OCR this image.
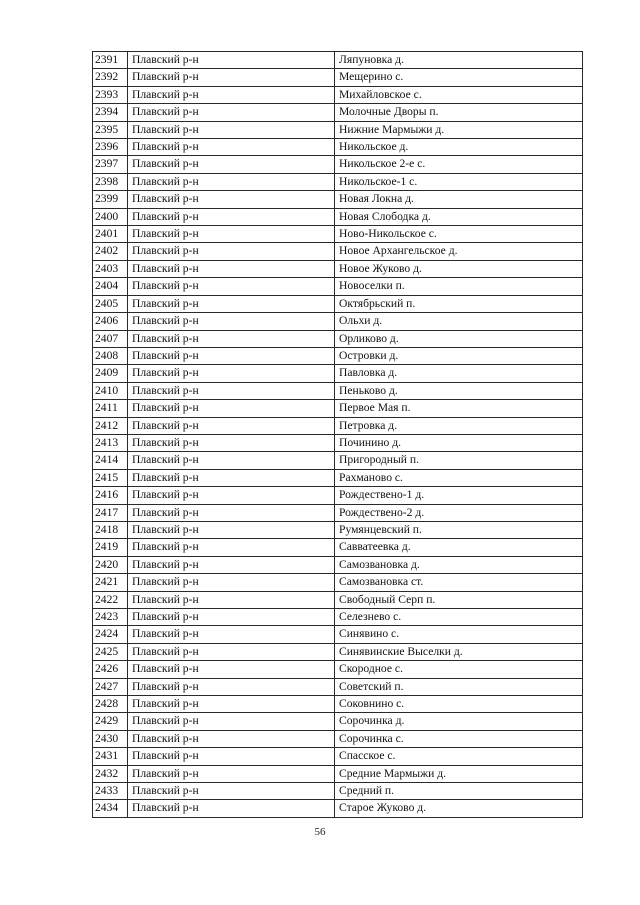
2391	Плавский р-н	Ляпуновка д.
2392	Плавский р-н	Мещерино с.
2393	Плавский р-н	Михайловское с.
2394	Плавский р-н	Молочные Дворы п.
2395	Плавский р-н	Нижние Мармыжи д.
2396	Плавский р-н	Никольское д.
2397	Плавский р-н	Никольское 2-е с.
2398	Плавский р-н	Никольское-1 с.
2399	Плавский р-н	Новая Локна д.
2400	Плавский р-н	Новая Слободка д.
2401	Плавский р-н	Ново-Никольское с.
2402	Плавский р-н	Новое Архангельское д.
2403	Плавский р-н	Новое Жуково д.
2404	Плавский р-н	Новоселки п.
2405	Плавский р-н	Октябрьский п.
2406	Плавский р-н	Ольхи д.
2407	Плавский р-н	Орликово д.
2408	Плавский р-н	Островки д.
2409	Плавский р-н	Павловка д.
2410	Плавский р-н	Пеньково д.
2411	Плавский р-н	Первое Мая п.
2412	Плавский р-н	Петровка д.
2413	Плавский р-н	Починино д.
2414	Плавский р-н	Пригородный п.
2415	Плавский р-н	Рахманово с.
2416	Плавский р-н	Рождествено-1 д.
2417	Плавский р-н	Рождествено-2 д.
2418	Плавский р-н	Румянцевский п.
2419	Плавский р-н	Савватеевка д.
2420	Плавский р-н	Самозвановка д.
2421	Плавский р-н	Самозвановка ст.
2422	Плавский р-н	Свободный Серп п.
2423	Плавский р-н	Селезнево с.
2424	Плавский р-н	Синявино с.
2425	Плавский р-н	Синявинские Выселки д.
2426	Плавский р-н	Скородное с.
2427	Плавский р-н	Советский п.
2428	Плавский р-н	Соковнино с.
2429	Плавский р-н	Сорочинка д.
2430	Плавский р-н	Сорочинка с.
2431	Плавский р-н	Спасское с.
2432	Плавский р-н	Средние Мармыжи д.
2433	Плавский р-н	Средний п.
2434	Плавский р-н	Старое Жуково д.
56
